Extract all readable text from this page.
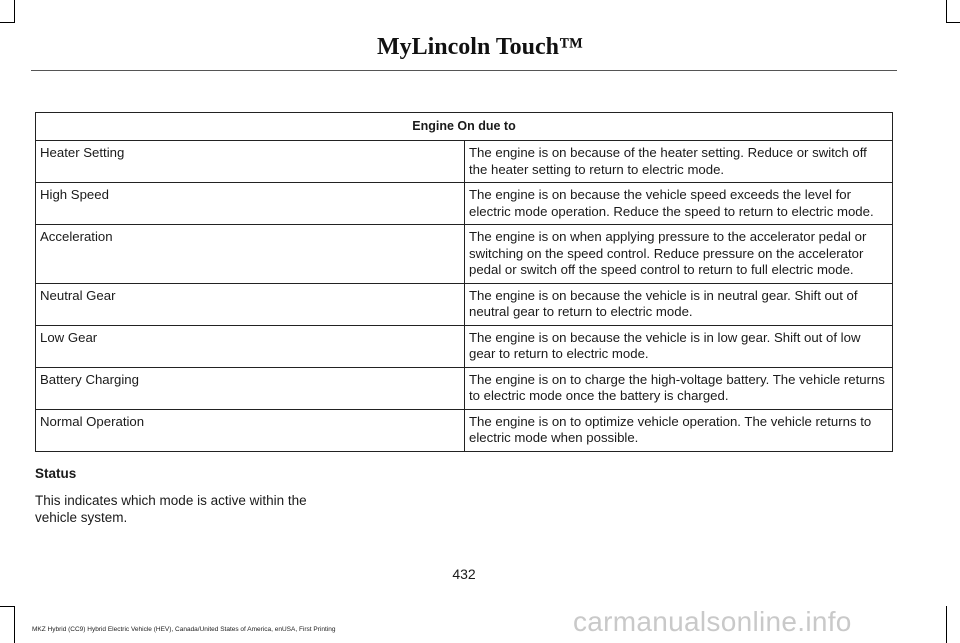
MyLincoln Touch™
Engine On due to	
Heater Setting	The engine is on because of the heater setting. Reduce or switch off the heater setting to return to electric mode.
High Speed	The engine is on because the vehicle speed exceeds the level for electric mode operation. Reduce the speed to return to electric mode.
Acceleration	The engine is on when applying pressure to the accelerator pedal or switching on the speed control. Reduce pressure on the accelerator pedal or switch off the speed control to return to full electric mode.
Neutral Gear	The engine is on because the vehicle is in neutral gear. Shift out of neutral gear to return to electric mode.
Low Gear	The engine is on because the vehicle is in low gear. Shift out of low gear to return to electric mode.
Battery Charging	The engine is on to charge the high-voltage battery. The vehicle returns to electric mode once the battery is charged.
Normal Operation	The engine is on to optimize vehicle operation. The vehicle returns to electric mode when possible.
Status
This indicates which mode is active within the vehicle system.
432
MKZ Hybrid (CC9) Hybrid Electric Vehicle (HEV), Canada/United States of America, enUSA, First Printing	carmanualsonline.info
